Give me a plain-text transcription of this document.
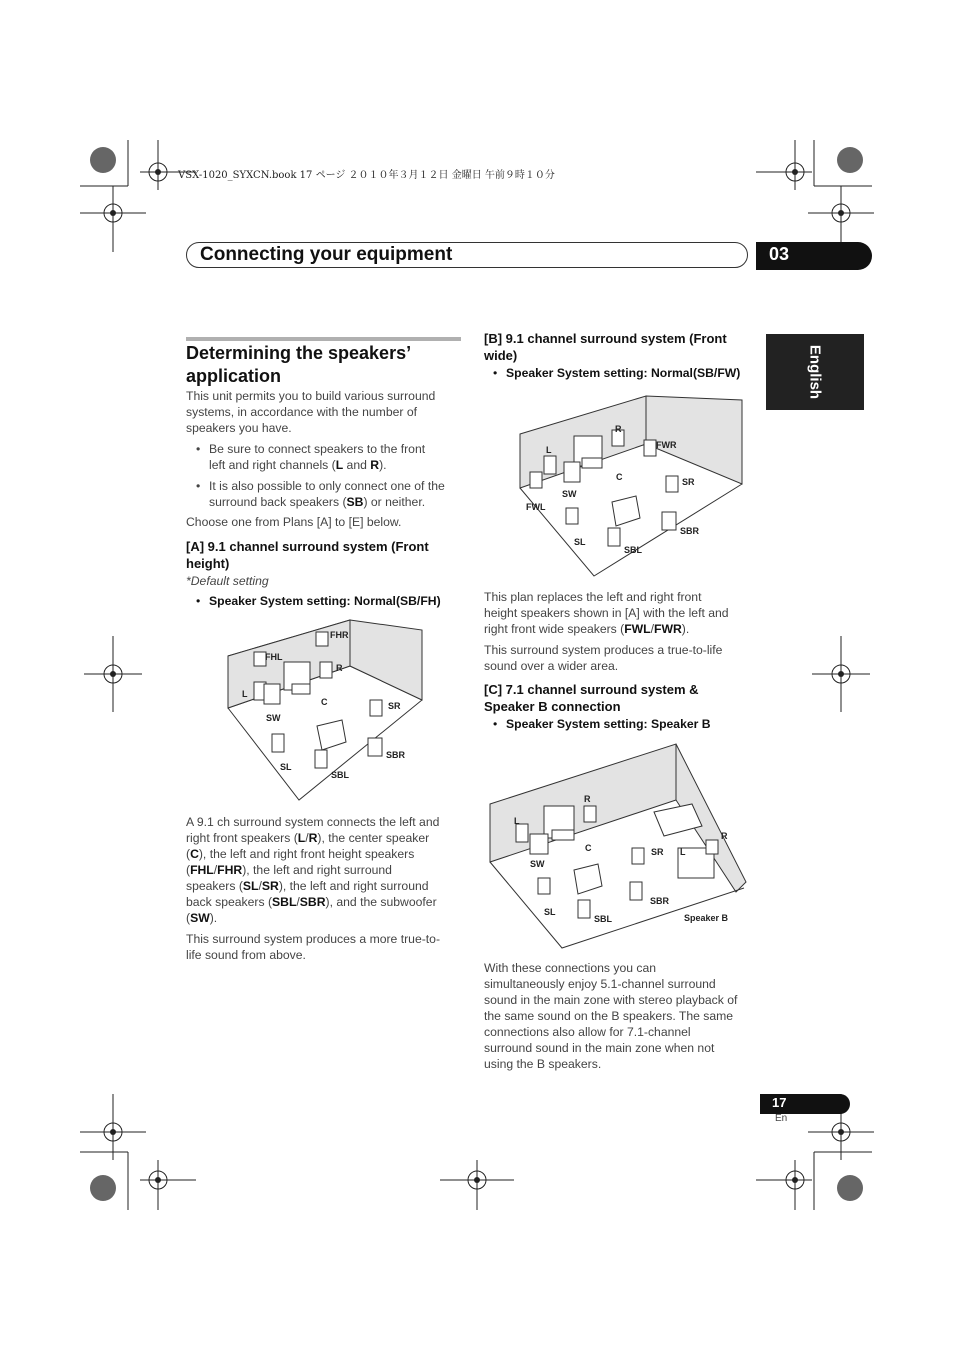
VSX-1020_SYXCN.book 17 ページ ２０１０年３月１２日 金曜日 午前９時１０分
Connecting your equipment	03
English
Determining the speakers’
application
This unit permits you to build various surround
systems, in accordance with the number of
speakers you have.
• Be sure to connect speakers to the front
left and right channels (L and R).
• It is also possible to only connect one of the
surround back speakers (SB) or neither.
Choose one from Plans [A] to [E] below.
[A] 9.1 channel surround system (Front
height)
*Default setting
• Speaker System setting: Normal(SB/FH)
FHR
FHL
R
L
C
SW
SR
SL
SBR
SBL
A 9.1 ch surround system connects the left and
right front speakers (L/R), the center speaker
(C), the left and right front height speakers
(FHL/FHR), the left and right surround
speakers (SL/SR), the left and right surround
back speakers (SBL/SBR), and the subwoofer
(SW).
This surround system produces a more true-to-
life sound from above.
[B] 9.1 channel surround system (Front
wide)
• Speaker System setting: Normal(SB/FW)
R
L	FWR
C	SR
SW
FWL
SBR
SL
SBL
This plan replaces the left and right front
height speakers shown in [A] with the left and
right front wide speakers (FWL/FWR).
This surround system produces a true-to-life
sound over a wider area.
[C] 7.1 channel surround system &
Speaker B connection
• Speaker System setting: Speaker B
R
L
R
C	SR L
SW
SL
SBR
SBL	Speaker B
With these connections you can
simultaneously enjoy 5.1-channel surround
sound in the main zone with stereo playback of
the same sound on the B speakers. The same
connections also allow for 7.1-channel
surround sound in the main zone when not
using the B speakers.
17
En
